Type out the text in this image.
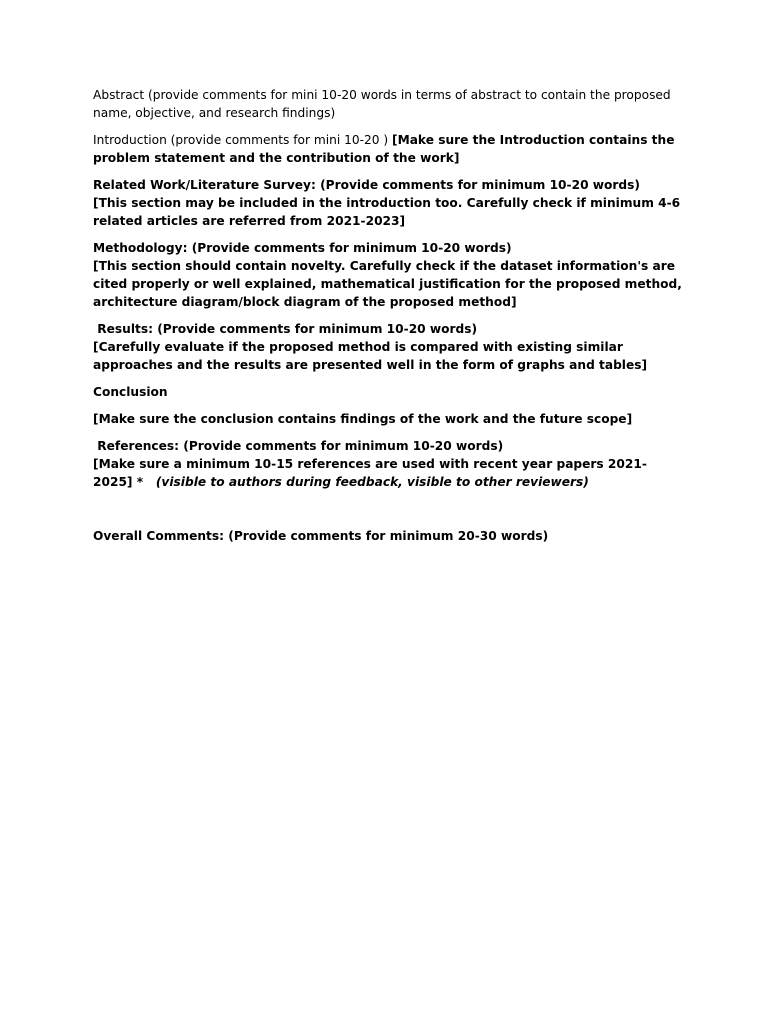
Abstract (provide comments for mini 10-20 words in terms of abstract to contain the proposed name, objective, and research findings)

Introduction (provide comments for mini 10-20 ) [Make sure the Introduction contains the problem statement and the contribution of the work]

Related Work/Literature Survey: (Provide comments for minimum 10-20 words)
[This section may be included in the introduction too. Carefully check if minimum 4-6 related articles are referred from 2021-2023]

Methodology: (Provide comments for minimum 10-20 words)
[This section should contain novelty. Carefully check if the dataset information's are cited properly or well explained, mathematical justification for the proposed method, architecture diagram/block diagram of the proposed method]

Results: (Provide comments for minimum 10-20 words)
[Carefully evaluate if the proposed method is compared with existing similar approaches and the results are presented well in the form of graphs and tables]

Conclusion

[Make sure the conclusion contains findings of the work and the future scope]

References: (Provide comments for minimum 10-20 words)
[Make sure a minimum 10-15 references are used with recent year papers 2021-2025] *   (visible to authors during feedback, visible to other reviewers)

Overall Comments: (Provide comments for minimum 20-30 words)
